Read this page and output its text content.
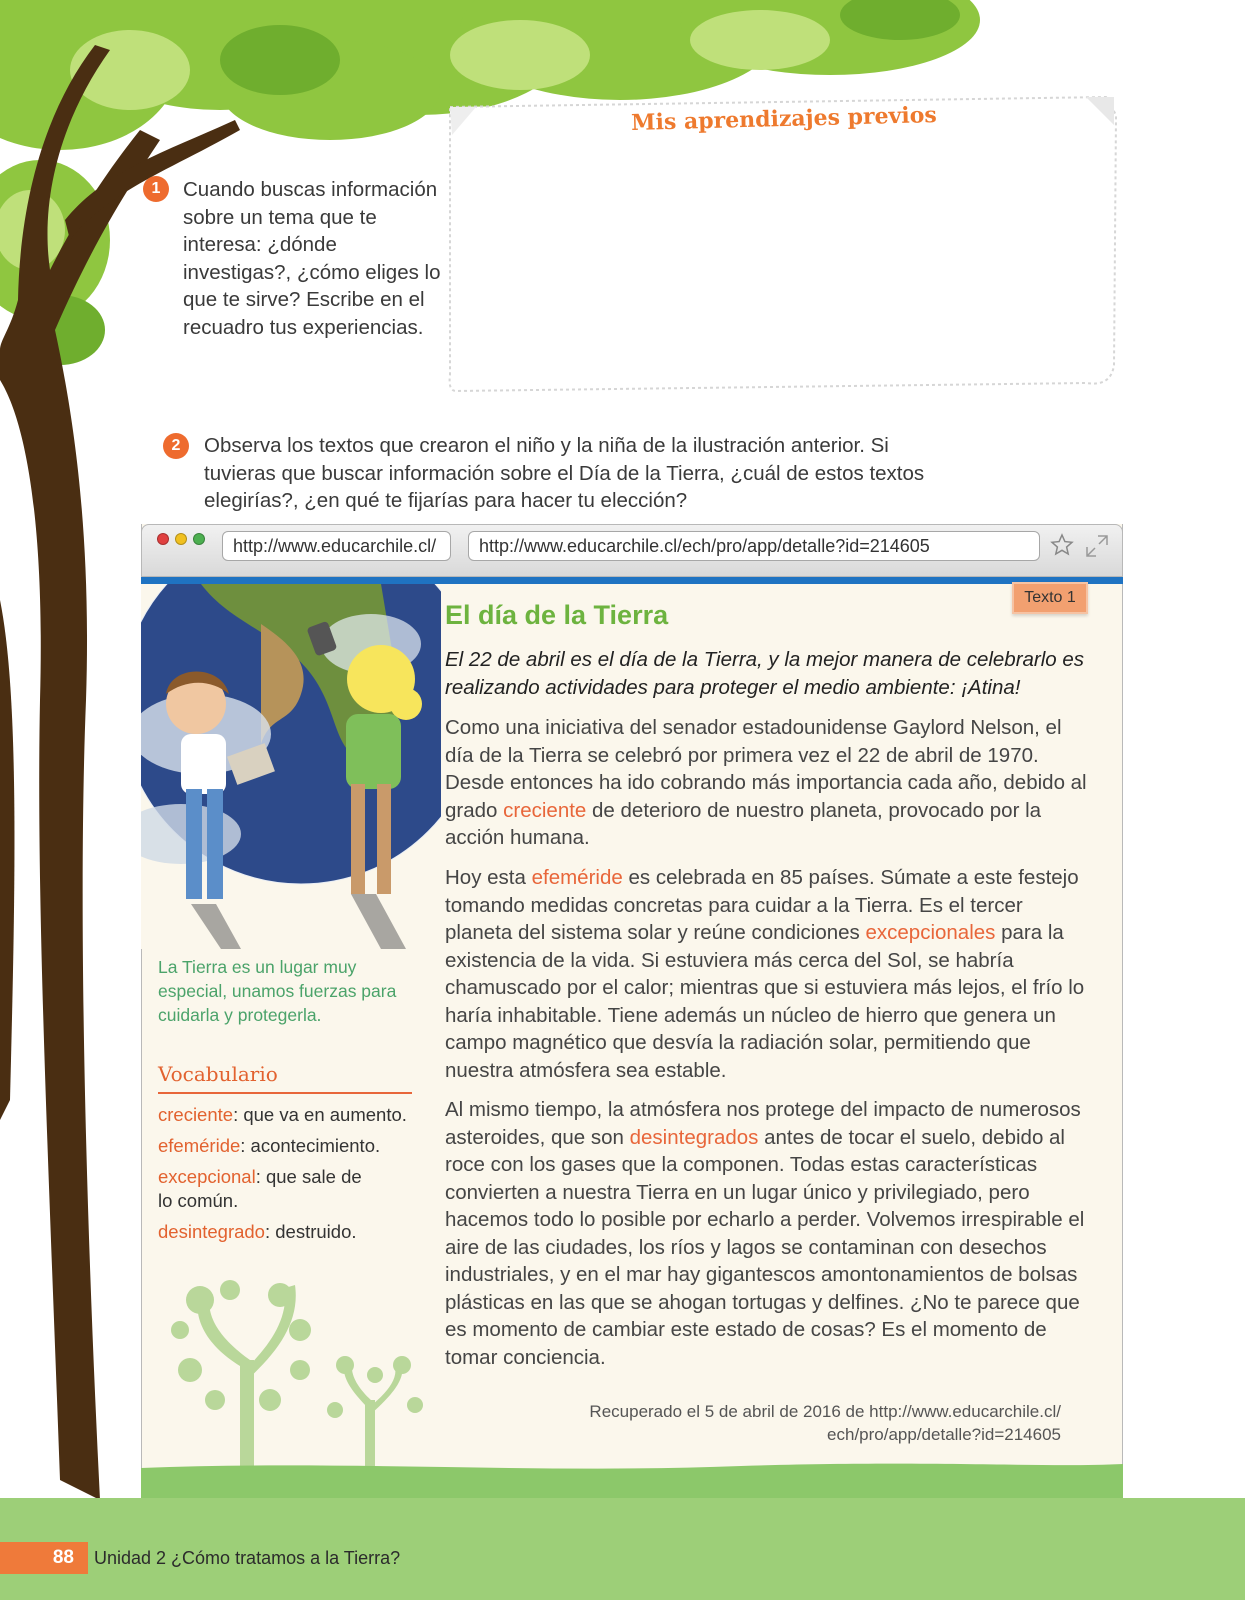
Mis aprendizajes previos
1	Cuando buscas información sobre un tema que te interesa: ¿dónde investigas?, ¿cómo eliges lo que te sirve? Escribe en el recuadro tus experiencias.
2	Observa los textos que crearon el niño y la niña de la ilustración anterior. Si tuvieras que buscar información sobre el Día de la Tierra, ¿cuál de estos textos elegirías?, ¿en qué te fijarías para hacer tu elección?
http://www.educarchile.cl/	http://www.educarchile.cl/ech/pro/app/detalle?id=214605
Texto 1
El día de la Tierra
El 22 de abril es el día de la Tierra, y la mejor manera de celebrarlo es realizando actividades para proteger el medio ambiente: ¡Atina!

Como una iniciativa del senador estadounidense Gaylord Nelson, el día de la Tierra se celebró por primera vez el 22 de abril de 1970. Desde entonces ha ido cobrando más importancia cada año, debido al grado creciente de deterioro de nuestro planeta, provocado por la acción humana.

Hoy esta efeméride es celebrada en 85 países. Súmate a este festejo tomando medidas concretas para cuidar a la Tierra. Es el tercer planeta del sistema solar y reúne condiciones excepcionales para la existencia de la vida. Si estuviera más cerca del Sol, se habría chamuscado por el calor; mientras que si estuviera más lejos, el frío lo haría inhabitable. Tiene además un núcleo de hierro que genera un campo magnético que desvía la radiación solar, permitiendo que nuestra atmósfera sea estable.

Al mismo tiempo, la atmósfera nos protege del impacto de numerosos asteroides, que son desintegrados antes de tocar el suelo, debido al roce con los gases que la componen. Todas estas características convierten a nuestra Tierra en un lugar único y privilegiado, pero hacemos todo lo posible por echarlo a perder. Volvemos irrespirable el aire de las ciudades, los ríos y lagos se contaminan con desechos industriales, y en el mar hay gigantescos amontonamientos de bolsas plásticas en las que se ahogan tortugas y delfines. ¿No te parece que es momento de cambiar este estado de cosas? Es el momento de tomar conciencia.

Recuperado el 5 de abril de 2016 de http://www.educarchile.cl/
ech/pro/app/detalle?id=214605
La Tierra es un lugar muy especial, unamos fuerzas para cuidarla y protegerla.
Vocabulario
creciente: que va en aumento.
efeméride: acontecimiento.
excepcional: que sale de lo común.
desintegrado: destruido.
88	Unidad 2 ¿Cómo tratamos a la Tierra?
